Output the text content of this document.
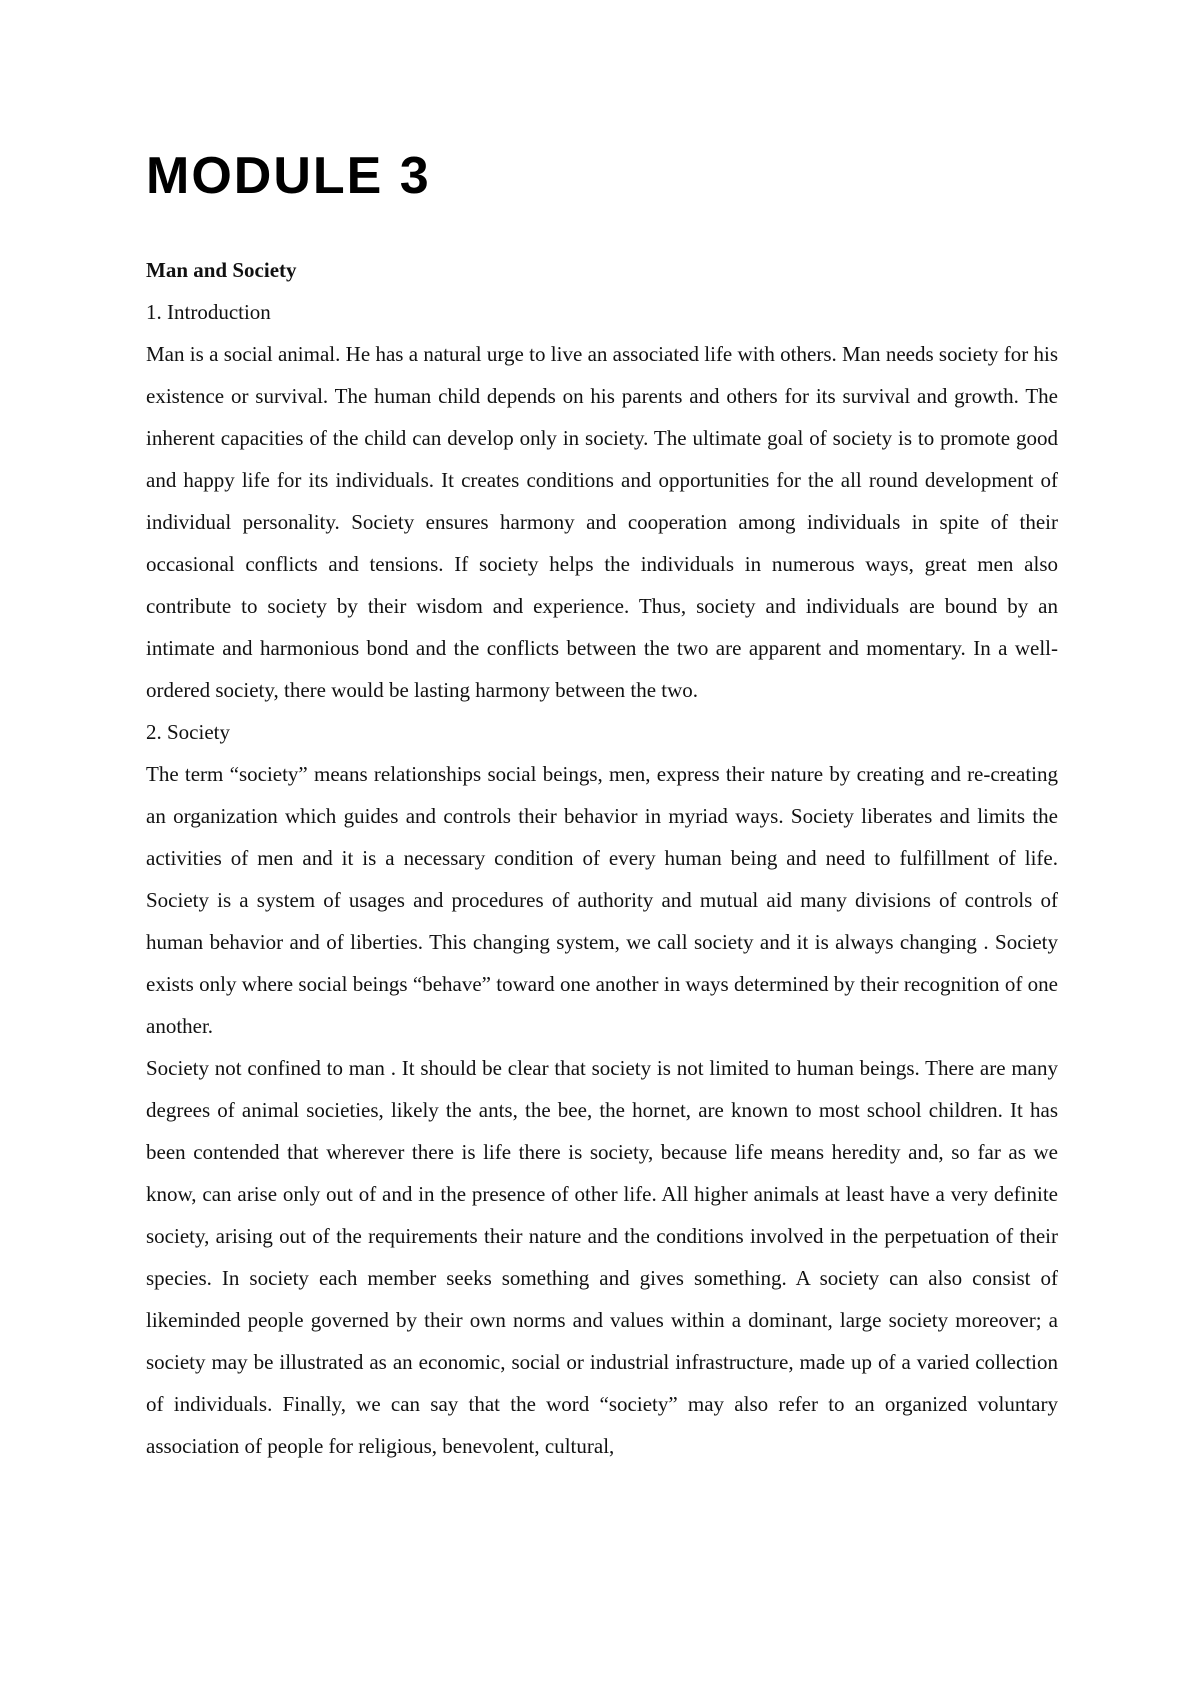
MODULE 3

Man and Society

1. Introduction

Man is a social animal. He has a natural urge to live an associated life with others. Man needs society for his existence or survival. The human child depends on his parents and others for its survival and growth. The inherent capacities of the child can develop only in society. The ultimate goal of society is to promote good and happy life for its individuals. It creates conditions and opportunities for the all round development of individual personality. Society ensures harmony and cooperation among individuals in spite of their occasional conflicts and tensions. If society helps the individuals in numerous ways, great men also contribute to society by their wisdom and experience. Thus, society and individuals are bound by an intimate and harmonious bond and the conflicts between the two are apparent and momentary. In a well-ordered society, there would be lasting harmony between the two.

2. Society

The term “society” means relationships social beings, men, express their nature by creating and re-creating an organization which guides and controls their behavior in myriad ways. Society liberates and limits the activities of men and it is a necessary condition of every human being and need to fulfillment of life. Society is a system of usages and procedures of authority and mutual aid many divisions of controls of human behavior and of liberties. This changing system, we call society and it is always changing . Society exists only where social beings “behave” toward one another in ways determined by their recognition of one another.

Society not confined to man . It should be clear that society is not limited to human beings. There are many degrees of animal societies, likely the ants, the bee, the hornet, are known to most school children. It has been contended that wherever there is life there is society, because life means heredity and, so far as we know, can arise only out of and in the presence of other life. All higher animals at least have a very definite society, arising out of the requirements their nature and the conditions involved in the perpetuation of their species. In society each member seeks something and gives something. A society can also consist of likeminded people governed by their own norms and values within a dominant, large society moreover; a society may be illustrated as an economic, social or industrial infrastructure, made up of a varied collection of individuals. Finally, we can say that the word “society” may also refer to an organized voluntary association of people for religious, benevolent, cultural,
